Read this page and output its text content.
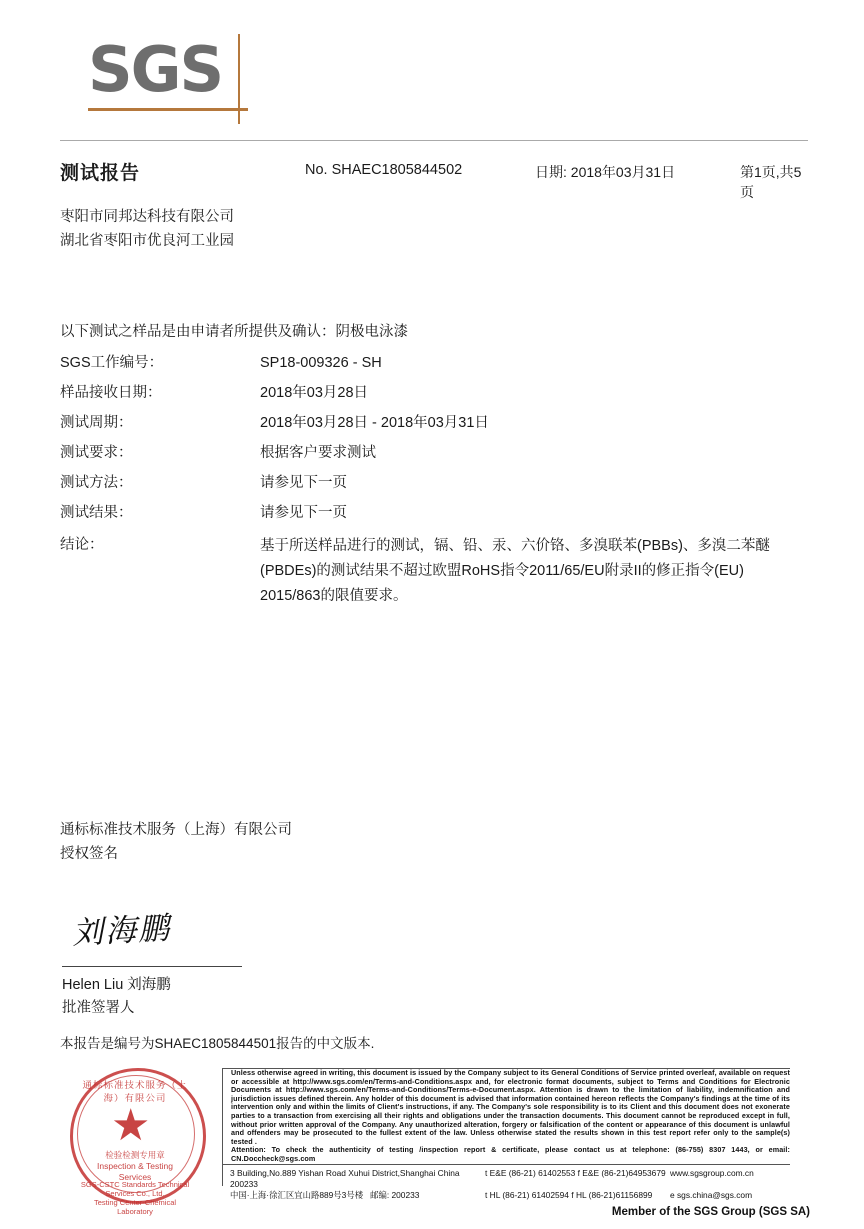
SGS
测试报告	No. SHAEC1805844502	日期: 2018年03月31日	第1页,共5页
枣阳市同邦达科技有限公司
湖北省枣阳市优良河工业园
以下测试之样品是由申请者所提供及确认：阴极电泳漆
SGS工作编号：	SP18-009326 - SH
样品接收日期：	2018年03月28日
测试周期：	2018年03月28日 - 2018年03月31日
测试要求：	根据客户要求测试
测试方法：	请参见下一页
测试结果：	请参见下一页
结论：	基于所送样品进行的测试，镉、铅、汞、六价铬、多溴联苯(PBBs)、多溴二苯醚(PBDEs)的测试结果不超过欧盟RoHS指令2011/65/EU附录II的修正指令(EU) 2015/863的限值要求。
通标标准技术服务（上海）有限公司
授权签名
刘海鹏
Helen Liu 刘海鹏
批准签署人
本报告是编号为SHAEC1805844501报告的中文版本.
通标标准技术服务（上海）有限公司
★
检验检测专用章
Inspection & Testing Services
SGS-CSTC Standards Technical Services Co., Ltd.
Testing Center-Chemical Laboratory
Unless otherwise agreed in writing, this document is issued by the Company subject to its General Conditions of Service printed overleaf, available on request or accessible at http://www.sgs.com/en/Terms-and-Conditions.aspx and, for electronic format documents, subject to Terms and Conditions for Electronic Documents at http://www.sgs.com/en/Terms-and-Conditions/Terms-e-Document.aspx. Attention is drawn to the limitation of liability, indemnification and jurisdiction issues defined therein. Any holder of this document is advised that information contained hereon reflects the Company's findings at the time of its intervention only and within the limits of Client's instructions, if any. The Company's sole responsibility is to its Client and this document does not exonerate parties to a transaction from exercising all their rights and obligations under the transaction documents. This document cannot be reproduced except in full, without prior written approval of the Company. Any unauthorized alteration, forgery or falsification of the content or appearance of this document is unlawful and offenders may be prosecuted to the fullest extent of the law. Unless otherwise stated the results shown in this test report refer only to the sample(s) tested .
Attention: To check the authenticity of testing /inspection report & certificate, please contact us at telephone: (86-755) 8307 1443, or email: CN.Doccheck@sgs.com
3 Building,No.889 Yishan Road Xuhui District,Shanghai China   200233
t E&E (86-21) 61402553 f E&E (86-21)64953679 www.sgsgroup.com.cn
中国·上海·徐汇区宜山路889号3号楼 邮编: 200233	t HL (86-21) 61402594 f HL (86-21)61156899	e sgs.china@sgs.com
Member of the SGS Group (SGS SA)
